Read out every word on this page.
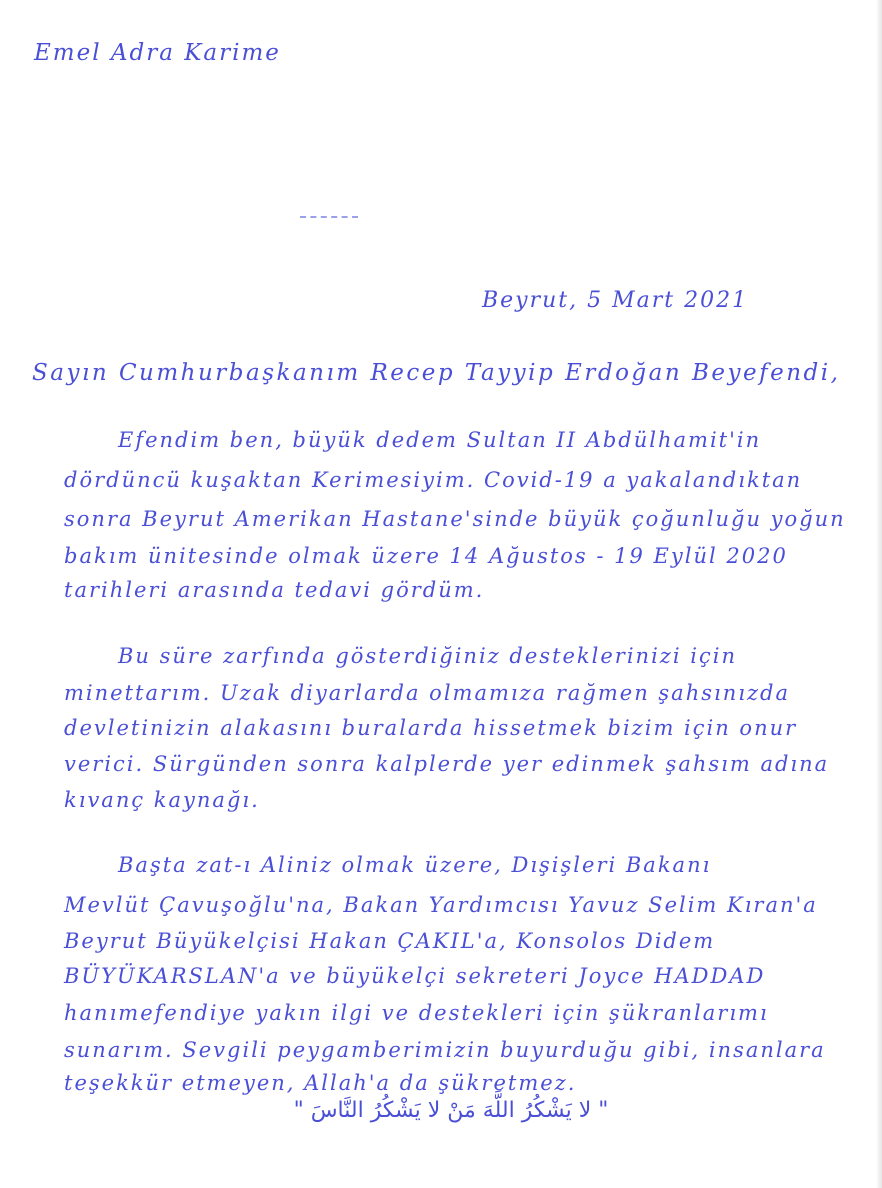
Emel Adra Karime
Beyrut, 5 Mart 2021
Sayın Cumhurbaşkanım Recep Tayyip Erdoğan Beyefendi,
Efendim ben, büyük dedem Sultan II Abdülhamit'in
dördüncü kuşaktan Kerimesiyim. Covid-19 a yakalandıktan
sonra Beyrut Amerikan Hastane'sinde büyük çoğunluğu yoğun
bakım ünitesinde olmak üzere 14 Ağustos - 19 Eylül 2020
tarihleri arasında tedavi gördüm.
Bu süre zarfında gösterdiğiniz desteklerinizi için
minettarım. Uzak diyarlarda olmamıza rağmen şahsınızda
devletinizin alakasını buralarda hissetmek bizim için onur
verici. Sürgünden sonra kalplerde yer edinmek şahsım adına
kıvanç kaynağı.
Başta zat-ı Aliniz olmak üzere, Dışişleri Bakanı
Mevlüt Çavuşoğlu'na, Bakan Yardımcısı Yavuz Selim Kıran'a
Beyrut Büyükelçisi Hakan ÇAKIL'a, Konsolos Didem
BÜYÜKARSLAN'a ve büyükelçi sekreteri Joyce HADDAD
hanımefendiye yakın ilgi ve destekleri için şükranlarımı
sunarım. Sevgili peygamberimizin buyurduğu gibi, insanlara
teşekkür etmeyen, Allah'a da şükretmez.
" لا يَشْكُرُ اللَّهَ مَنْ لا يَشْكُرُ النَّاسَ "
